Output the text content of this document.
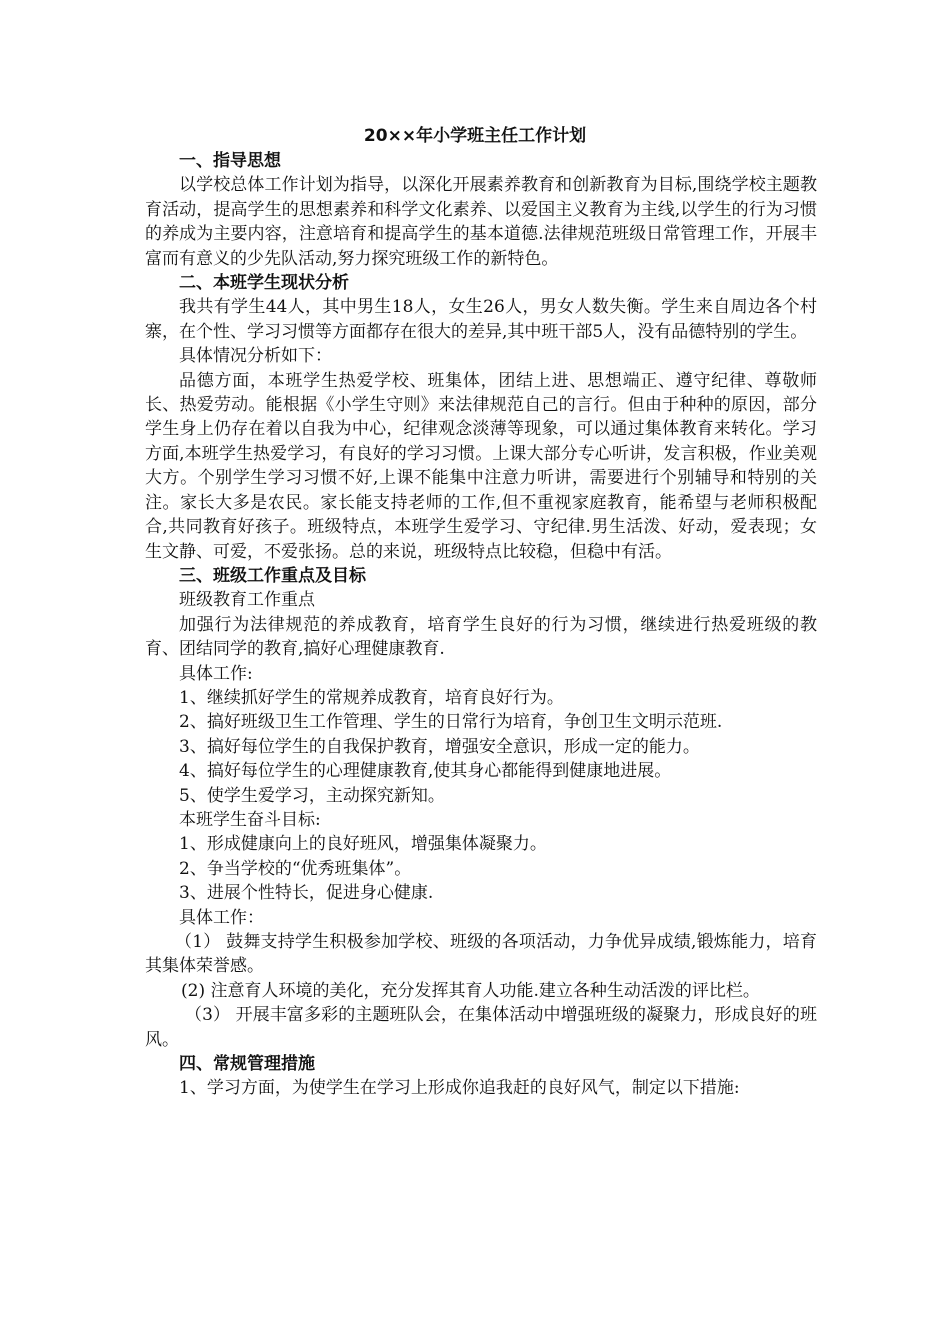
20××年小学班主任工作计划

一、指导思想

以学校总体工作计划为指导，以深化开展素养教育和创新教育为目标,围绕学校主题教育活动，提高学生的思想素养和科学文化素养、以爱国主义教育为主线,以学生的行为习惯的养成为主要内容，注意培育和提高学生的基本道德.法律规范班级日常管理工作，开展丰富而有意义的少先队活动,努力探究班级工作的新特色。

二、本班学生现状分析

我共有学生44人，其中男生18人，女生26人，男女人数失衡。学生来自周边各个村寨，在个性、学习习惯等方面都存在很大的差异,其中班干部5人，没有品德特别的学生。

具体情况分析如下：

品德方面，本班学生热爱学校、班集体，团结上进、思想端正、遵守纪律、尊敬师长、热爱劳动。能根据《小学生守则》来法律规范自己的言行。但由于种种的原因，部分学生身上仍存在着以自我为中心，纪律观念淡薄等现象，可以通过集体教育来转化。学习方面,本班学生热爱学习，有良好的学习习惯。上课大部分专心听讲，发言积极，作业美观大方。个别学生学习习惯不好,上课不能集中注意力听讲，需要进行个别辅导和特别的关注。家长大多是农民。家长能支持老师的工作,但不重视家庭教育，能希望与老师积极配合,共同教育好孩子。班级特点，本班学生爱学习、守纪律.男生活泼、好动，爱表现；女生文静、可爱，不爱张扬。总的来说，班级特点比较稳，但稳中有活。

三、班级工作重点及目标

班级教育工作重点

加强行为法律规范的养成教育，培育学生良好的行为习惯，继续进行热爱班级的教育、团结同学的教育,搞好心理健康教育.

具体工作:

1、继续抓好学生的常规养成教育，培育良好行为。

2、搞好班级卫生工作管理、学生的日常行为培育，争创卫生文明示范班.

3、搞好每位学生的自我保护教育，增强安全意识，形成一定的能力。

4、搞好每位学生的心理健康教育,使其身心都能得到健康地进展。

5、使学生爱学习，主动探究新知。

本班学生奋斗目标:

1、形成健康向上的良好班风，增强集体凝聚力。

2、争当学校的“优秀班集体”。

3、进展个性特长，促进身心健康.

具体工作：

（1） 鼓舞支持学生积极参加学校、班级的各项活动，力争优异成绩,锻炼能力，培育其集体荣誉感。

(2) 注意育人环境的美化，充分发挥其育人功能.建立各种生动活泼的评比栏。

（3） 开展丰富多彩的主题班队会，在集体活动中增强班级的凝聚力，形成良好的班风。

四、常规管理措施

1、学习方面，为使学生在学习上形成你追我赶的良好风气，制定以下措施:
